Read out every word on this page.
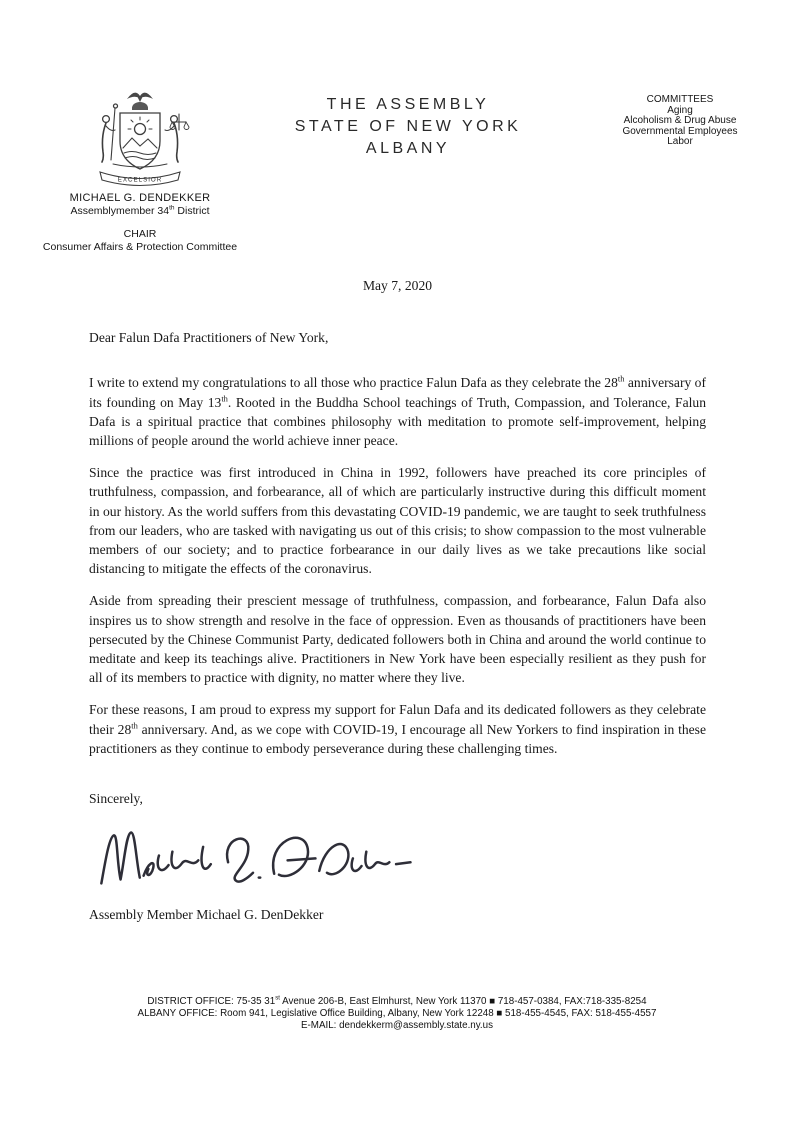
EXCELSIOR
MICHAEL G. DENDEKKER
Assemblymember 34th District
CHAIR
Consumer Affairs & Protection Committee
THE ASSEMBLY
STATE OF NEW YORK
ALBANY
COMMITTEES
Aging
Alcoholism & Drug Abuse
Governmental Employees
Labor
May 7, 2020
Dear Falun Dafa Practitioners of New York,

I write to extend my congratulations to all those who practice Falun Dafa as they celebrate the 28th anniversary of its founding on May 13th. Rooted in the Buddha School teachings of Truth, Compassion, and Tolerance, Falun Dafa is a spiritual practice that combines philosophy with meditation to promote self-improvement, helping millions of people around the world achieve inner peace.

Since the practice was first introduced in China in 1992, followers have preached its core principles of truthfulness, compassion, and forbearance, all of which are particularly instructive during this difficult moment in our history. As the world suffers from this devastating COVID-19 pandemic, we are taught to seek truthfulness from our leaders, who are tasked with navigating us out of this crisis; to show compassion to the most vulnerable members of our society; and to practice forbearance in our daily lives as we take precautions like social distancing to mitigate the effects of the coronavirus.

Aside from spreading their prescient message of truthfulness, compassion, and forbearance, Falun Dafa also inspires us to show strength and resolve in the face of oppression. Even as thousands of practitioners have been persecuted by the Chinese Communist Party, dedicated followers both in China and around the world continue to meditate and keep its teachings alive. Practitioners in New York have been especially resilient as they push for all of its members to practice with dignity, no matter where they live.

For these reasons, I am proud to express my support for Falun Dafa and its dedicated followers as they celebrate their 28th anniversary. And, as we cope with COVID-19, I encourage all New Yorkers to find inspiration in these practitioners as they continue to embody perseverance during these challenging times.

Sincerely,
Assembly Member Michael G. DenDekker
DISTRICT OFFICE: 75-35 31st Avenue 206-B, East Elmhurst, New York 11370 ■ 718-457-0384, FAX:718-335-8254
ALBANY OFFICE: Room 941, Legislative Office Building, Albany, New York 12248 ■ 518-455-4545, FAX: 518-455-4557
E-MAIL: dendekkerm@assembly.state.ny.us
